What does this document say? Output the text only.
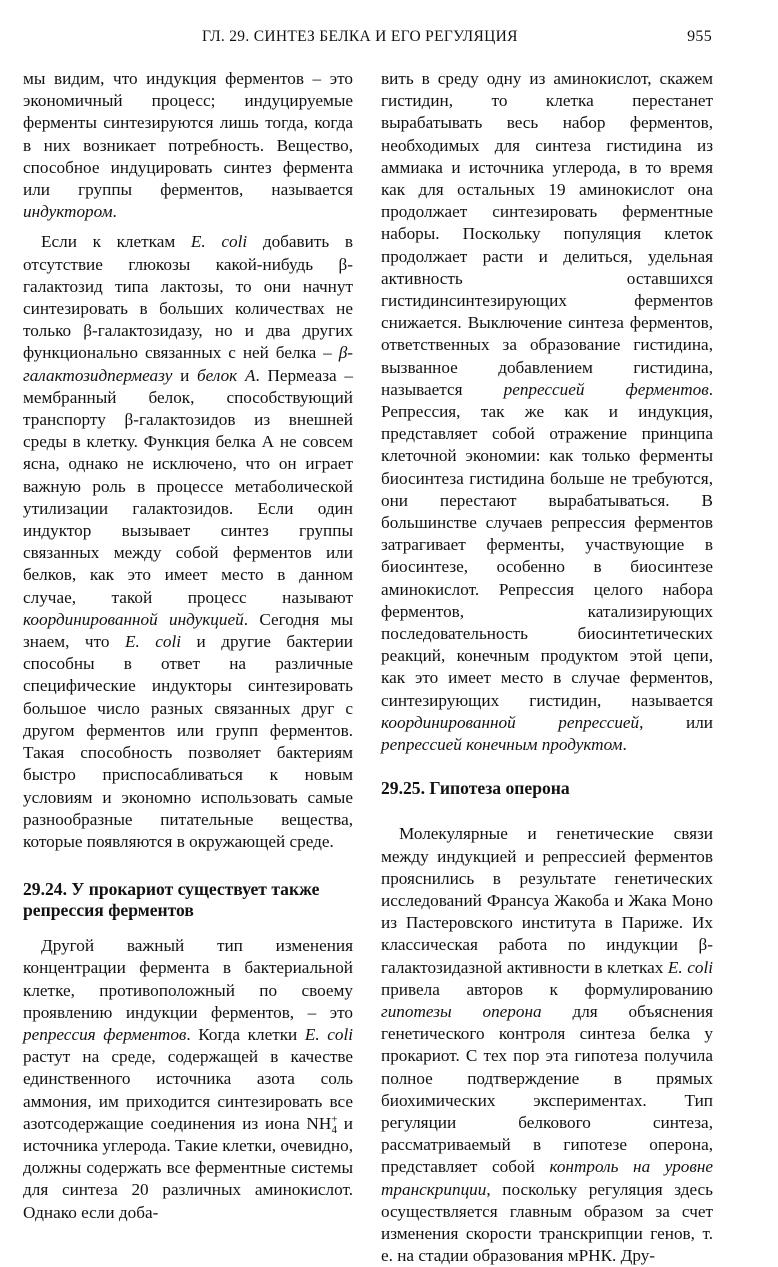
ГЛ. 29. СИНТЕЗ БЕЛКА И ЕГО РЕГУЛЯЦИЯ	955

мы видим, что индукция ферментов – это экономичный процесс; индуцируемые ферменты синтезируются лишь тогда, когда в них возникает потребность. Вещество, способное индуцировать синтез фермента или группы ферментов, называется индуктором.

Если к клеткам E. coli добавить в отсутствие глюкозы какой-нибудь β-галактозид типа лактозы, то они начнут синтезировать в больших количествах не только β-галактозидазу, но и два других функционально связанных с ней белка – β-галактозидпермеазу и белок А. Пермеаза – мембранный белок, способствующий транспорту β-галактозидов из внешней среды в клетку. Функция белка А не совсем ясна, однако не исключено, что он играет важную роль в процессе метаболической утилизации галактозидов. Если один индуктор вызывает синтез группы связанных между собой ферментов или белков, как это имеет место в данном случае, такой процесс называют координированной индукцией. Сегодня мы знаем, что E. coli и другие бактерии способны в ответ на различные специфические индукторы синтезировать большое число разных связанных друг с другом ферментов или групп ферментов. Такая способность позволяет бактериям быстро приспосабливаться к новым условиям и экономно использовать самые разнообразные питательные вещества, которые появляются в окружающей среде.

29.24. У прокариот существует также репрессия ферментов

Другой важный тип изменения концентрации фермента в бактериальной клетке, противоположный по своему проявлению индукции ферментов, – это репрессия ферментов. Когда клетки E. coli растут на среде, содержащей в качестве единственного источника азота соль аммония, им приходится синтезировать все азотсодержащие соединения из иона $NH^+_4$ и источника углерода. Такие клетки, очевидно, должны содержать все ферментные системы для синтеза 20 различных аминокислот. Однако если доба-

вить в среду одну из аминокислот, скажем гистидин, то клетка перестанет вырабатывать весь набор ферментов, необходимых для синтеза гистидина из аммиака и источника углерода, в то время как для остальных 19 аминокислот она продолжает синтезировать ферментные наборы. Поскольку популяция клеток продолжает расти и делиться, удельная активность оставшихся гистидинсинтезирующих ферментов снижается. Выключение синтеза ферментов, ответственных за образование гистидина, вызванное добавлением гистидина, называется репрессией ферментов. Репрессия, так же как и индукция, представляет собой отражение принципа клеточной экономии: как только ферменты биосинтеза гистидина больше не требуются, они перестают вырабатываться. В большинстве случаев репрессия ферментов затрагивает ферменты, участвующие в биосинтезе, особенно в биосинтезе аминокислот. Репрессия целого набора ферментов, катализирующих последовательность биосинтетических реакций, конечным продуктом этой цепи, как это имеет место в случае ферментов, синтезирующих гистидин, называется координированной репрессией, или репрессией конечным продуктом.

29.25. Гипотеза оперона

Молекулярные и генетические связи между индукцией и репрессией ферментов прояснились в результате генетических исследований Франсуа Жакоба и Жака Моно из Пастеровского института в Париже. Их классическая работа по индукции β-галактозидазной активности в клетках E. coli привела авторов к формулированию гипотезы оперона для объяснения генетического контроля синтеза белка у прокариот. С тех пор эта гипотеза получила полное подтверждение в прямых биохимических экспериментах. Тип регуляции белкового синтеза, рассматриваемый в гипотезе оперона, представляет собой контроль на уровне транскрипции, поскольку регуляция здесь осуществляется главным образом за счет изменения скорости транскрипции генов, т. е. на стадии образования мРНК. Дру-
